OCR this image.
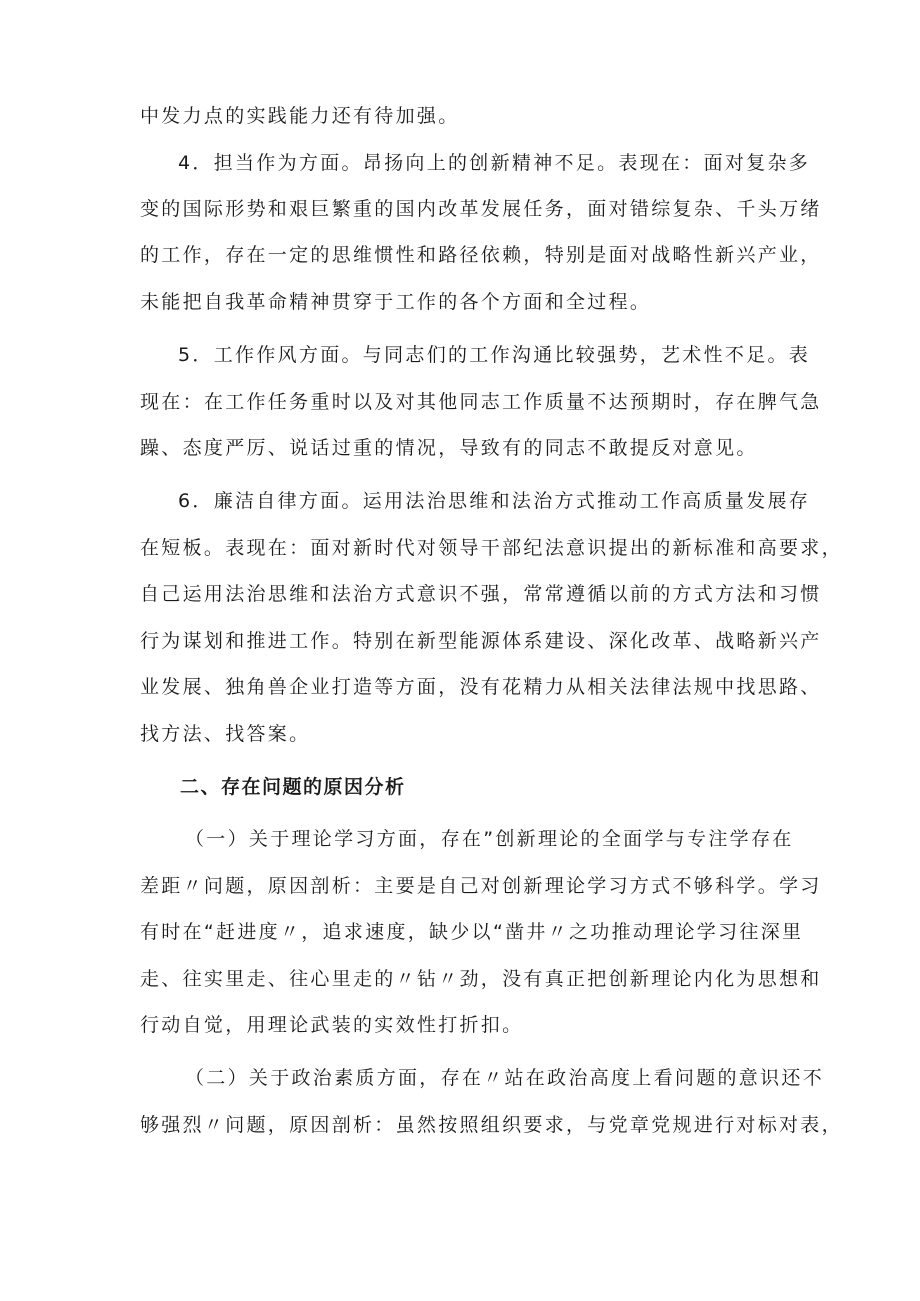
中发力点的实践能力还有待加强。
4．担当作为方面。昂扬向上的创新精神不足。表现在：面对复杂多
变的国际形势和艰巨繁重的国内改革发展任务，面对错综复杂、千头万绪
的工作，存在一定的思维惯性和路径依赖，特别是面对战略性新兴产业，
未能把自我革命精神贯穿于工作的各个方面和全过程。
5．工作作风方面。与同志们的工作沟通比较强势，艺术性不足。表
现在：在工作任务重时以及对其他同志工作质量不达预期时，存在脾气急
躁、态度严厉、说话过重的情况，导致有的同志不敢提反对意见。
6．廉洁自律方面。运用法治思维和法治方式推动工作高质量发展存
在短板。表现在：面对新时代对领导干部纪法意识提出的新标准和高要求，
自己运用法治思维和法治方式意识不强，常常遵循以前的方式方法和习惯
行为谋划和推进工作。特别在新型能源体系建设、深化改革、战略新兴产
业发展、独角兽企业打造等方面，没有花精力从相关法律法规中找思路、
找方法、找答案。
二、存在问题的原因分析
（一）关于理论学习方面，存在”创新理论的全面学与专注学存在
差距〃问题，原因剖析：主要是自己对创新理论学习方式不够科学。学习
有时在“赶进度〃，追求速度，缺少以“凿井〃之功推动理论学习往深里
走、往实里走、往心里走的〃钻〃劲，没有真正把创新理论内化为思想和
行动自觉，用理论武装的实效性打折扣。
（二）关于政治素质方面，存在〃站在政治高度上看问题的意识还不
够强烈〃问题，原因剖析：虽然按照组织要求，与党章党规进行对标对表，
